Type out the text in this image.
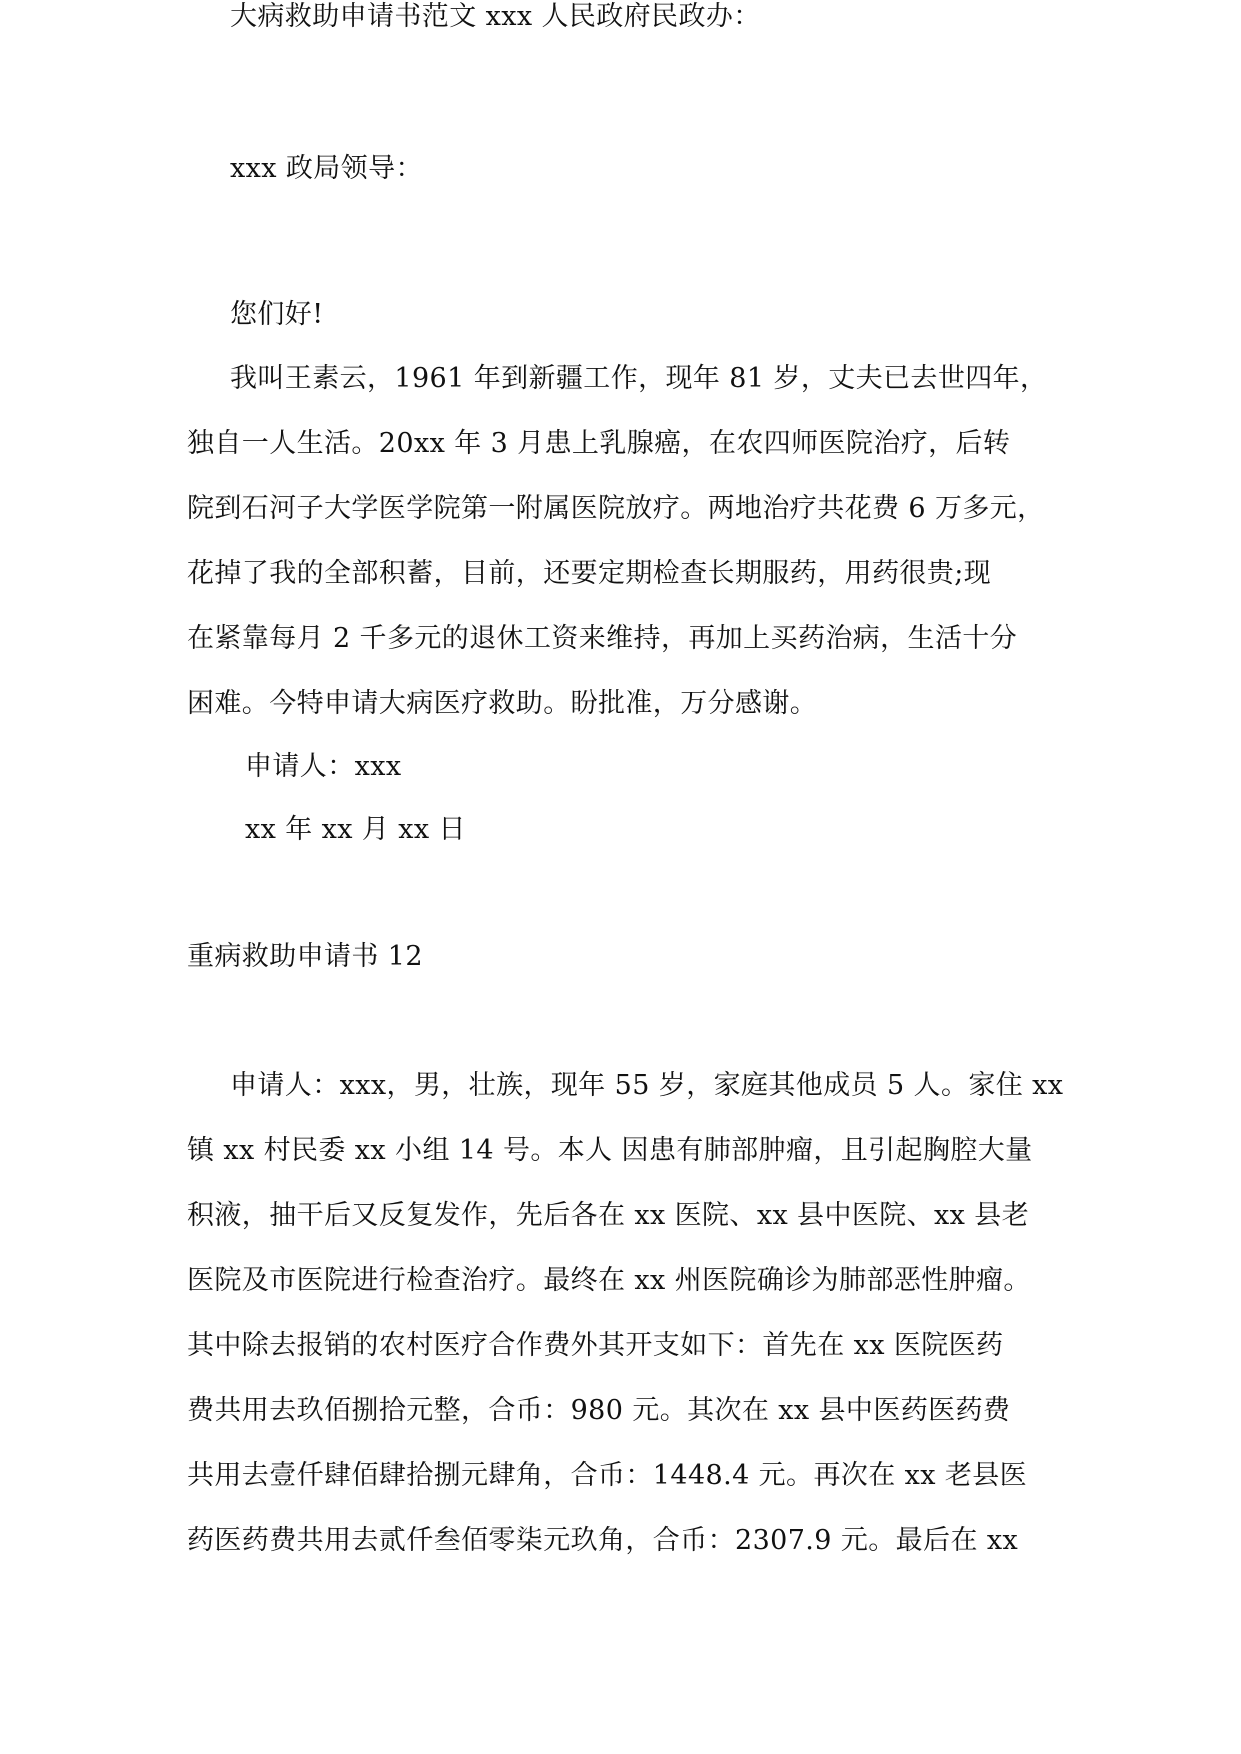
xxx 政局领导：
您们好!
我叫王素云，1961 年到新疆工作，现年 81 岁，丈夫已去世四年，
独自一人生活。20xx 年 3 月患上乳腺癌，在农四师医院治疗，后转
院到石河子大学医学院第一附属医院放疗。两地治疗共花费 6 万多元，
花掉了我的全部积蓄，目前，还要定期检查长期服药，用药很贵;现
在紧靠每月 2 千多元的退休工资来维持，再加上买药治病，生活十分
困难。今特申请大病医疗救助。盼批准，万分感谢。
申请人：xxx
xx 年 xx 月 xx 日
重病救助申请书 12
大病救助申请书范文 xxx 人民政府民政办：
申请人：xxx，男，壮族，现年 55 岁，家庭其他成员 5 人。家住 xx
镇 xx 村民委 xx 小组 14 号。本人 因患有肺部肿瘤，且引起胸腔大量
积液，抽干后又反复发作，先后各在 xx 医院、xx 县中医院、xx 县老
医院及市医院进行检查治疗。最终在 xx 州医院确诊为肺部恶性肿瘤。
其中除去报销的农村医疗合作费外其开支如下：首先在 xx 医院医药
费共用去玖佰捌拾元整，合币：980 元。其次在 xx 县中医药医药费
共用去壹仟肆佰肆拾捌元肆角，合币：1448.4 元。再次在 xx 老县医
药医药费共用去贰仟叁佰零柒元玖角，合币：2307.9 元。最后在 xx
